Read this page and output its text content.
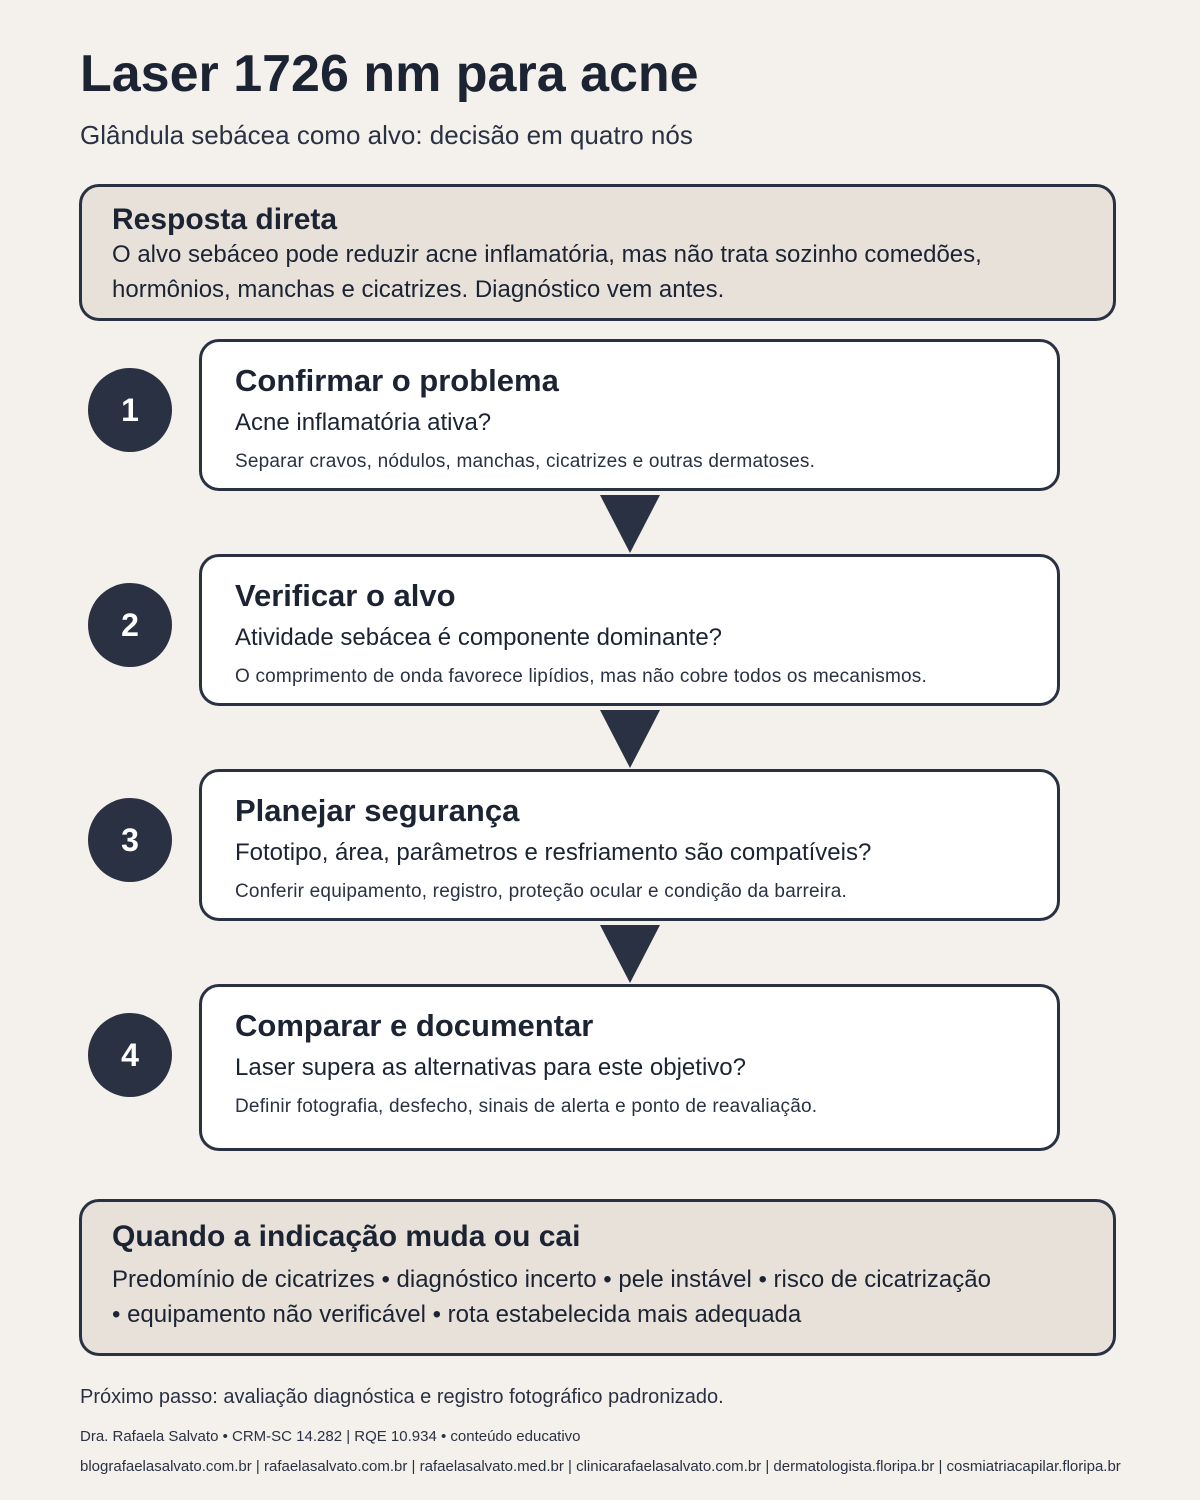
Laser 1726 nm para acne
Glândula sebácea como alvo: decisão em quatro nós
Resposta direta

O alvo sebáceo pode reduzir acne inflamatória, mas não trata sozinho comedões, hormônios, manchas e cicatrizes. Diagnóstico vem antes.

1
Confirmar o problema

Acne inflamatória ativa?

Separar cravos, nódulos, manchas, cicatrizes e outras dermatoses.

2
Verificar o alvo

Atividade sebácea é componente dominante?

O comprimento de onda favorece lipídios, mas não cobre todos os mecanismos.

3
Planejar segurança

Fototipo, área, parâmetros e resfriamento são compatíveis?

Conferir equipamento, registro, proteção ocular e condição da barreira.

4
Comparar e documentar

Laser supera as alternativas para este objetivo?

Definir fotografia, desfecho, sinais de alerta e ponto de reavaliação.

Quando a indicação muda ou cai

Predomínio de cicatrizes • diagnóstico incerto • pele instável • risco de cicatrização • equipamento não verificável • rota estabelecida mais adequada

Próximo passo: avaliação diagnóstica e registro fotográfico padronizado.
Dra. Rafaela Salvato • CRM-SC 14.282 | RQE 10.934 • conteúdo educativo
blografaelasalvato.com.br | rafaelasalvato.com.br | rafaelasalvato.med.br | clinicarafaelasalvato.com.br | dermatologista.floripa.br | cosmiatriacapilar.floripa.br
